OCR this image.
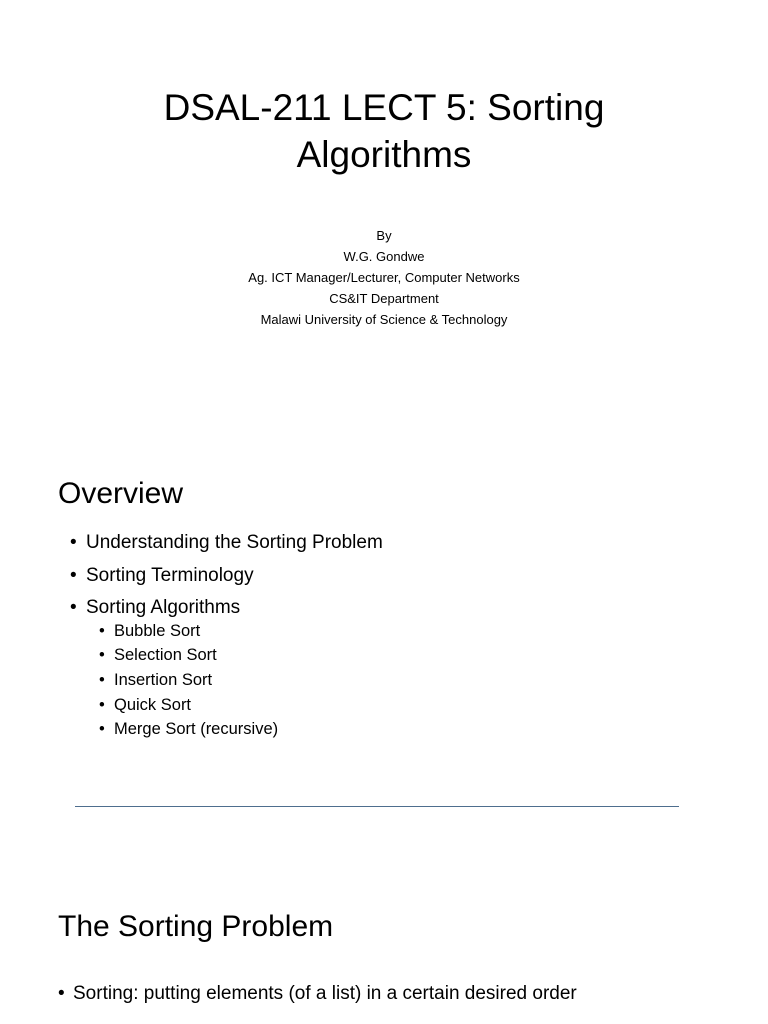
DSAL-211 LECT 5: Sorting
Algorithms
By
W.G. Gondwe
Ag. ICT Manager/Lecturer, Computer Networks
CS&IT Department
Malawi University of Science & Technology
Overview
• Understanding the Sorting Problem
• Sorting Terminology
• Sorting Algorithms
• Bubble Sort
• Selection Sort
• Insertion Sort
• Quick Sort
• Merge Sort (recursive)
The Sorting Problem
• Sorting: putting elements (of a list) in a certain desired order
